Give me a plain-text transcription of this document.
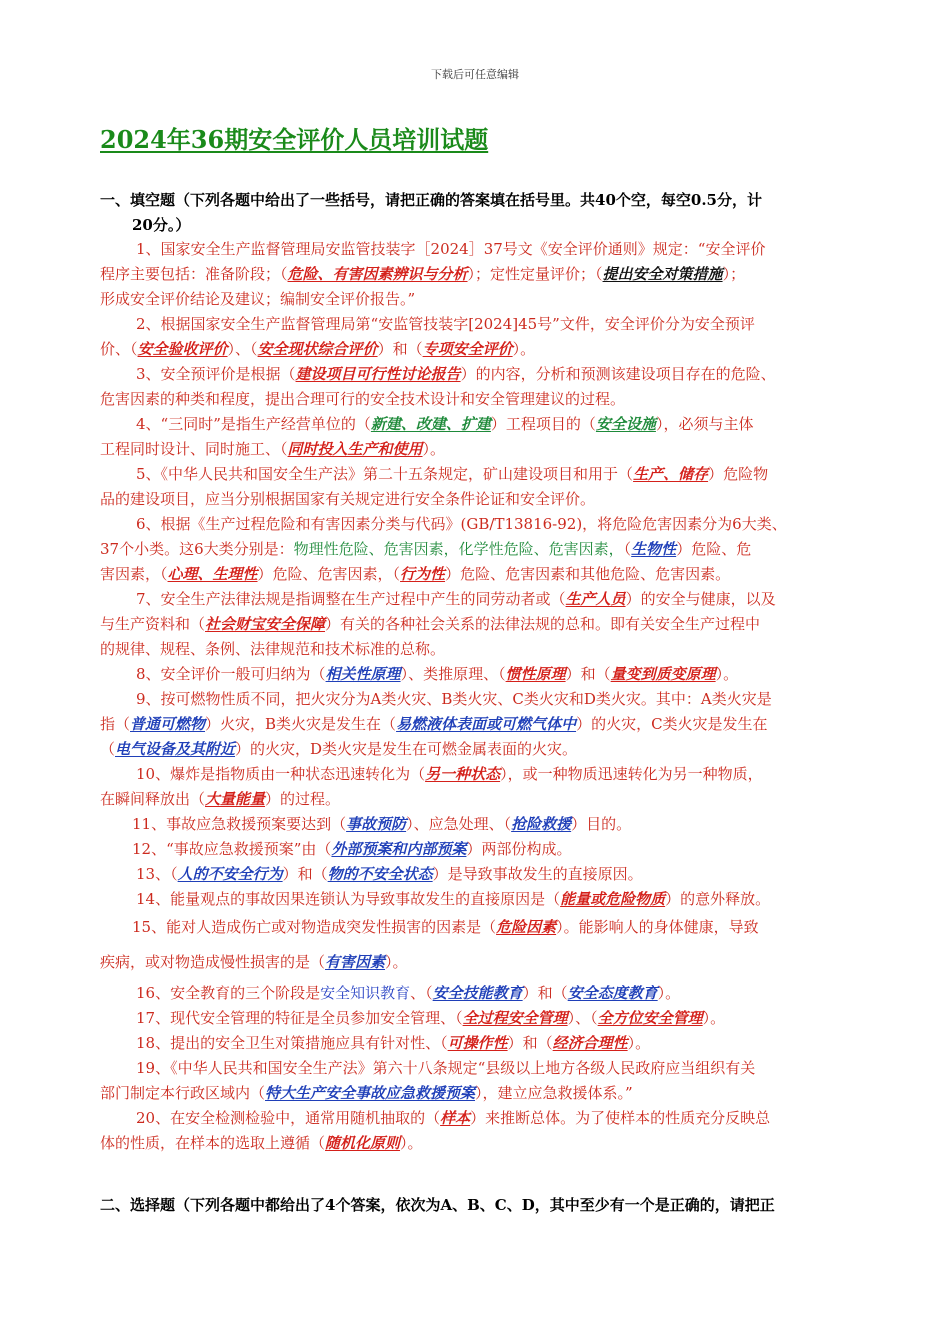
下载后可任意编辑
2024年36期安全评价人员培训试题
一、填空题（下列各题中给出了一些括号，请把正确的答案填在括号里。共40个空，每空0.5分，计
20分。）
1、国家安全生产监督管理局安监管技装字［2024］37号文《安全评价通则》规定：“安全评价
程序主要包括：准备阶段；（危险、有害因素辨识与分析）；定性定量评价；（提出安全对策措施）；
形成安全评价结论及建议；编制安全评价报告。”
2、根据国家安全生产监督管理局第“安监管技装字[2024]45号”文件，安全评价分为安全预评
价、（安全验收评价）、（安全现状综合评价）和（专项安全评价）。
3、安全预评价是根据（建设项目可行性讨论报告）的内容，分析和预测该建设项目存在的危险、
危害因素的种类和程度，提出合理可行的安全技术设计和安全管理建议的过程。
4、“三同时”是指生产经营单位的（新建、改建、扩建）工程项目的（安全设施），必须与主体
工程同时设计、同时施工、（同时投入生产和使用）。
5、《中华人民共和国安全生产法》第二十五条规定，矿山建设项目和用于（生产、储存）危险物
品的建设项目，应当分别根据国家有关规定进行安全条件论证和安全评价。
6、根据《生产过程危险和有害因素分类与代码》(GB/T13816-92)，将危险危害因素分为6大类、
37个小类。这6大类分别是：物理性危险、危害因素，化学性危险、危害因素，（生物性）危险、危
害因素，（心理、生理性）危险、危害因素，（行为性）危险、危害因素和其他危险、危害因素。
7、安全生产法律法规是指调整在生产过程中产生的同劳动者或（生产人员）的安全与健康，以及
与生产资料和（社会财宝安全保障）有关的各种社会关系的法律法规的总和。即有关安全生产过程中
的规律、规程、条例、法律规范和技术标准的总称。
8、安全评价一般可归纳为（相关性原理）、类推原理、（惯性原理）和（量变到质变原理）。
9、按可燃物性质不同，把火灾分为A类火灾、B类火灾、C类火灾和D类火灾。其中：A类火灾是
指（普通可燃物）火灾，B类火灾是发生在（易燃液体表面或可燃气体中）的火灾，C类火灾是发生在
（电气设备及其附近）的火灾，D类火灾是发生在可燃金属表面的火灾。
10、爆炸是指物质由一种状态迅速转化为（另一种状态），或一种物质迅速转化为另一种物质，
在瞬间释放出（大量能量）的过程。
11、事故应急救援预案要达到（事故预防）、应急处理、（抢险救援）目的。
12、“事故应急救援预案”由（外部预案和内部预案）两部份构成。
13、（人的不安全行为）和（物的不安全状态）是导致事故发生的直接原因。
14、能量观点的事故因果连锁认为导致事故发生的直接原因是（能量或危险物质）的意外释放。
15、能对人造成伤亡或对物造成突发性损害的因素是（危险因素）。能影响人的身体健康，导致
疾病，或对物造成慢性损害的是（有害因素）。
16、安全教育的三个阶段是安全知识教育、（安全技能教育）和（安全态度教育）。
17、现代安全管理的特征是全员参加安全管理、（全过程安全管理）、（全方位安全管理）。
18、提出的安全卫生对策措施应具有针对性、（可操作性）和（经济合理性）。
19、《中华人民共和国安全生产法》第六十八条规定“县级以上地方各级人民政府应当组织有关
部门制定本行政区域内（特大生产安全事故应急救援预案），建立应急救援体系。”
20、在安全检测检验中，通常用随机抽取的（样本）来推断总体。为了使样本的性质充分反映总
体的性质，在样本的选取上遵循（随机化原则）。
二、选择题（下列各题中都给出了4个答案，依次为A、B、C、D，其中至少有一个是正确的，请把正
